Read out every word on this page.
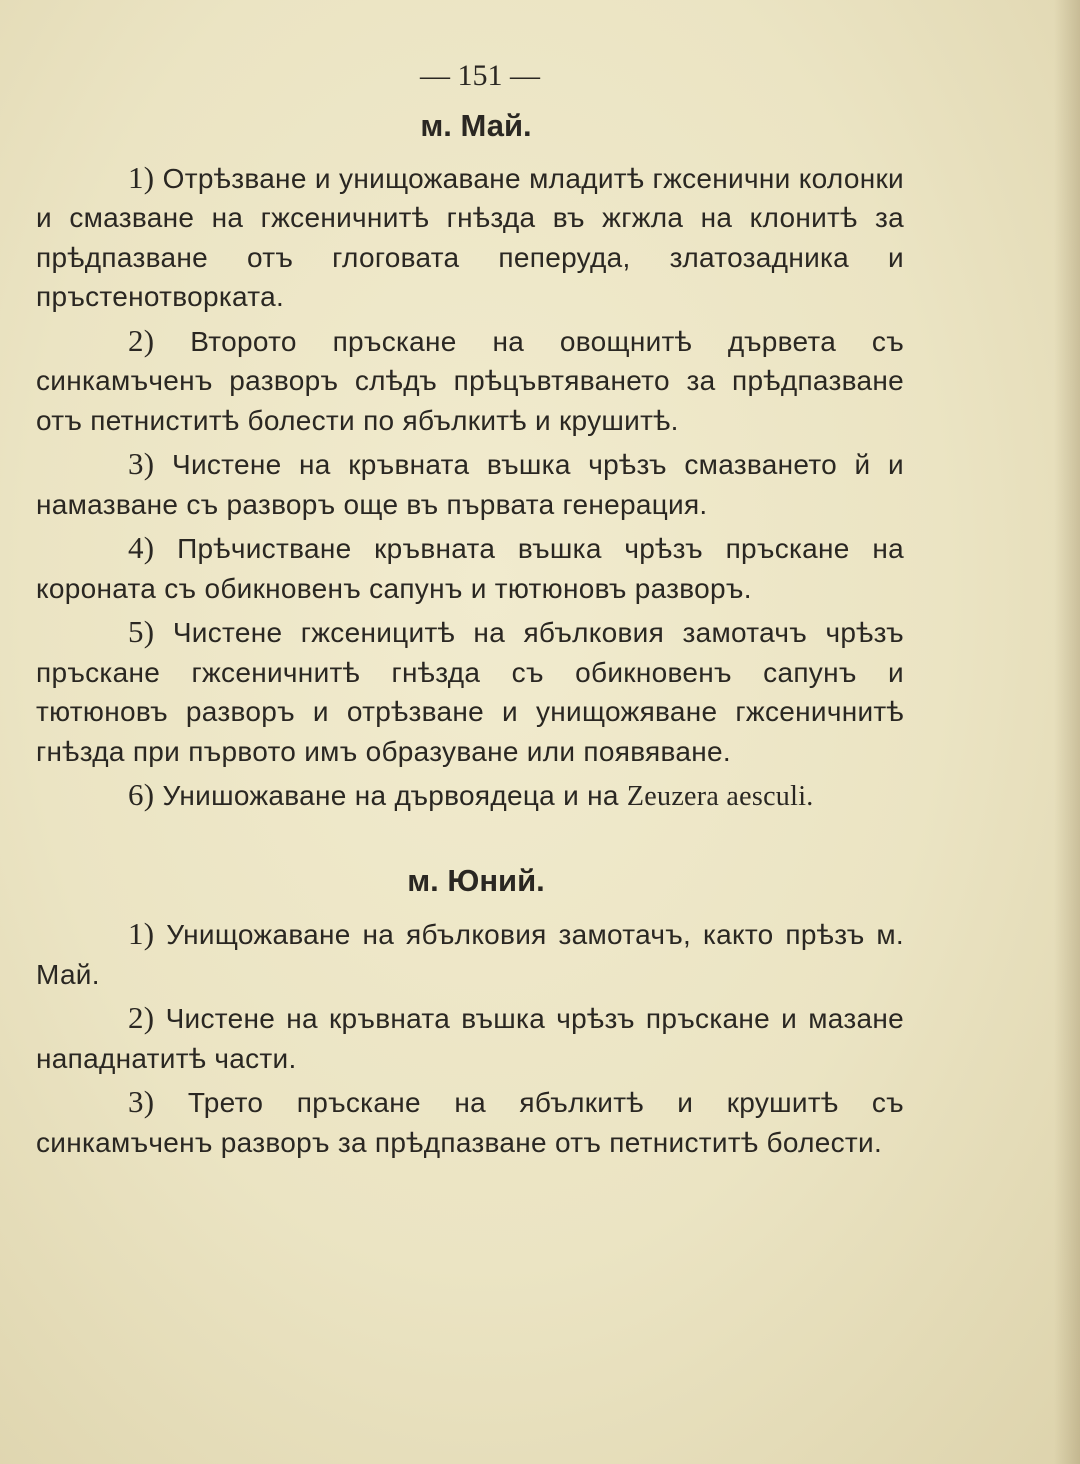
— 151 —
м. Май.

1) Отрѣзване и унищожаване младитѣ гжсенични колонки и смазване на гжсеничнитѣ гнѣзда въ жгжла на клонитѣ за прѣдпазване отъ глоговата пеперуда, златозадника и пръстенотворката.

2) Второто пръскане на овощнитѣ дървета съ синкамъченъ разворъ слѣдъ прѣцъвтяването за прѣдпазване отъ петниститѣ болести по ябълкитѣ и крушитѣ.

3) Чистене на кръвната въшка чрѣзъ смазването й и намазване съ разворъ още въ първата генерация.

4) Прѣчистване кръвната въшка чрѣзъ пръскане на короната съ обикновенъ сапунъ и тютюновъ разворъ.

5) Чистене гжсеницитѣ на ябълковия замотачъ чрѣзъ пръскане гжсеничнитѣ гнѣзда съ обикновенъ сапунъ и тютюновъ разворъ и отрѣзване и унищожяване гжсеничнитѣ гнѣзда при първото имъ образуване или появяване.

6) Унишожаване на дървоядеца и на Zeuzera aesculi.

м. Юний.

1) Унищожаване на ябълковия замотачъ, както прѣзъ м. Май.

2) Чистене на кръвната въшка чрѣзъ пръскане и мазане нападнатитѣ части.

3) Трето пръскане на ябълкитѣ и крушитѣ съ синкамъченъ разворъ за прѣдпазване отъ петниститѣ болести.
